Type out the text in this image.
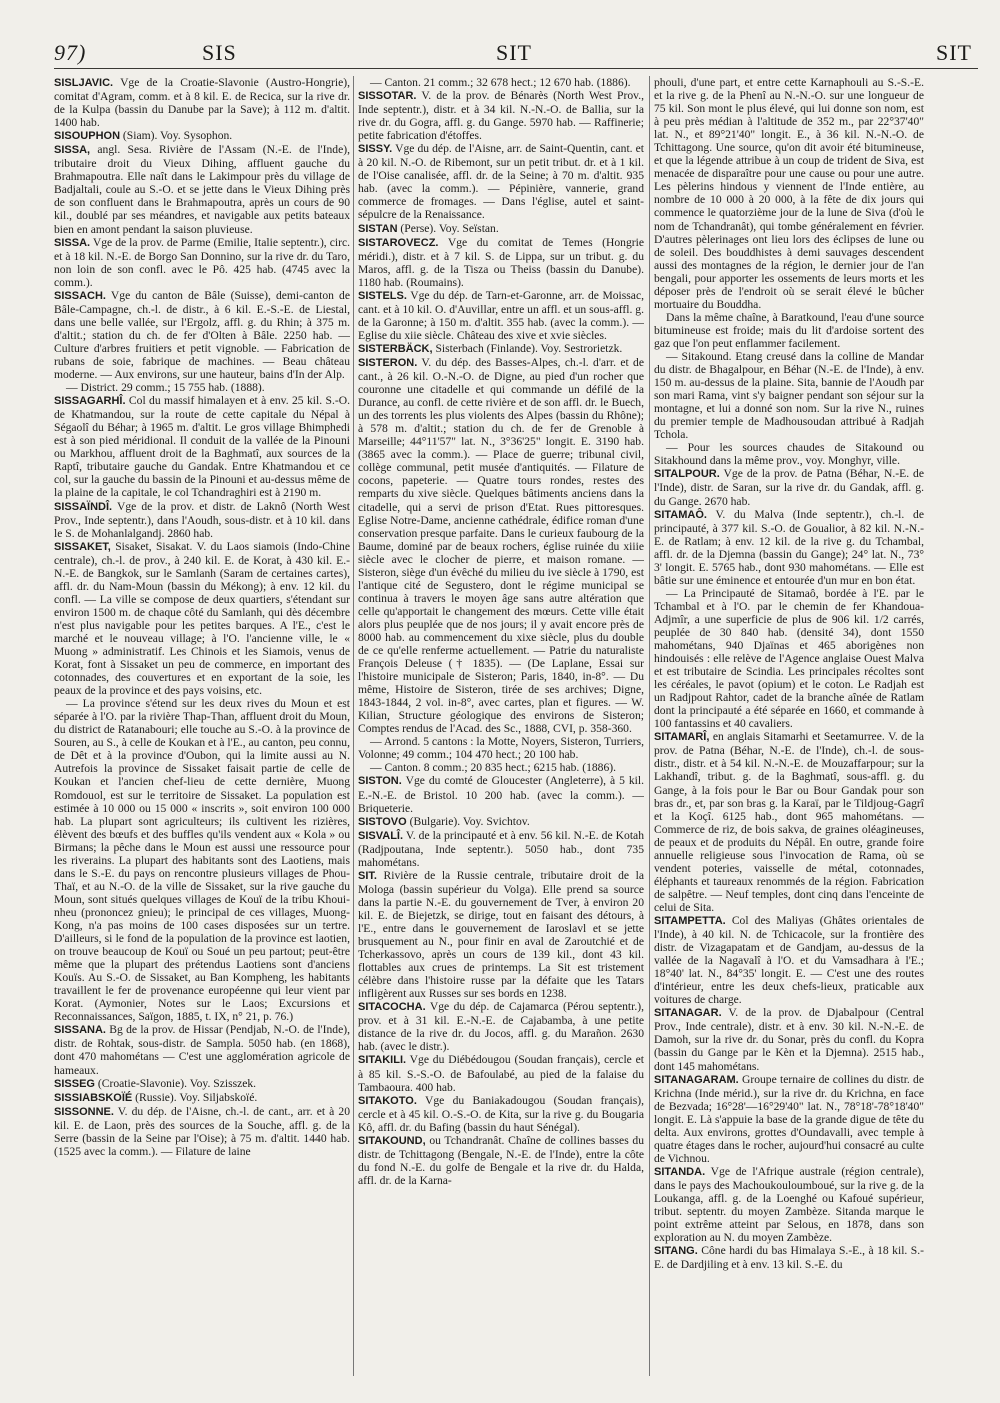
97)	SIS	SIT	SIT

SISLJAVIC. Vge de la Croatie-Slavonie (Austro-Hongrie), comitat d'Agram, comm. et à 8 kil. E. de Recica, sur la rive dr. de la Kulpa (bassin du Danube par la Save); à 112 m. d'altit. 1400 hab.

SISOUPHON (Siam). Voy. Sysophon.

SISSA, angl. Sesa. Rivière de l'Assam (N.-E. de l'Inde), tributaire droit du Vieux Dihing, affluent gauche du Brahmapoutra. Elle naît dans le Lakimpour près du village de Badjaltali, coule au S.-O. et se jette dans le Vieux Dihing près de son confluent dans le Brahmapoutra, après un cours de 90 kil., doublé par ses méandres, et navigable aux petits bateaux bien en amont pendant la saison pluvieuse.

SISSA. Vge de la prov. de Parme (Emilie, Italie septentr.), circ. et à 18 kil. N.-E. de Borgo San Donnino, sur la rive dr. du Taro, non loin de son confl. avec le Pô. 425 hab. (4745 avec la comm.).

SISSACH. Vge du canton de Bâle (Suisse), demi-canton de Bâle-Campagne, ch.-l. de distr., à 6 kil. E.-S.-E. de Liestal, dans une belle vallée, sur l'Ergolz, affl. g. du Rhin; à 375 m. d'altit.; station du ch. de fer d'Olten à Bâle. 2250 hab. — Culture d'arbres fruitiers et petit vignoble. — Fabrication de rubans de soie, fabrique de machines. — Beau château moderne. — Aux environs, sur une hauteur, bains d'In der Alp.

— District. 29 comm.; 15 755 hab. (1888).

SISSAGARHÎ. Col du massif himalayen et à env. 25 kil. S.-O. de Khatmandou, sur la route de cette capitale du Népal à Ségaolî du Béhar; à 1965 m. d'altit. Le gros village Bhimphedi est à son pied méridional. Il conduit de la vallée de la Pinouni ou Markhou, affluent droit de la Baghmatî, aux sources de la Raptî, tributaire gauche du Gandak. Entre Khatmandou et ce col, sur la gauche du bassin de la Pinouni et au-dessus même de la plaine de la capitale, le col Tchandraghiri est à 2190 m.

SISSAÏNDÎ. Vge de la prov. et distr. de Laknô (North West Prov., Inde septentr.), dans l'Aoudh, sous-distr. et à 10 kil. dans le S. de Mohanlalgandj. 2860 hab.

SISSAKET, Sisaket, Sisakat. V. du Laos siamois (Indo-Chine centrale), ch.-l. de prov., à 240 kil. E. de Korat, à 430 kil. E.-N.-E. de Bangkok, sur le Samlanh (Saram de certaines cartes), affl. dr. du Nam-Moun (bassin du Mékong); à env. 12 kil. du confl. — La ville se compose de deux quartiers, s'étendant sur environ 1500 m. de chaque côté du Samlanh, qui dès décembre n'est plus navigable pour les petites barques. A l'E., c'est le marché et le nouveau village; à l'O. l'ancienne ville, le « Muong » administratif. Les Chinois et les Siamois, venus de Korat, font à Sissaket un peu de commerce, en important des cotonnades, des couvertures et en exportant de la soie, les peaux de la province et des pays voisins, etc.

— La province s'étend sur les deux rives du Moun et est séparée à l'O. par la rivière Thap-Than, affluent droit du Moun, du district de Ratanabouri; elle touche au S.-O. à la province de Souren, au S., à celle de Koukan et à l'E., au canton, peu connu, de Dêt et à la province d'Oubon, qui la limite aussi au N. Autrefois la province de Sissaket faisait partie de celle de Koukan et l'ancien chef-lieu de cette dernière, Muong Romdouol, est sur le territoire de Sissaket. La population est estimée à 10 000 ou 15 000 « inscrits », soit environ 100 000 hab. La plupart sont agriculteurs; ils cultivent les rizières, élèvent des bœufs et des buffles qu'ils vendent aux « Kola » ou Birmans; la pêche dans le Moun est aussi une ressource pour les riverains. La plupart des habitants sont des Laotiens, mais dans le S.-E. du pays on rencontre plusieurs villages de Phou-Thaï, et au N.-O. de la ville de Sissaket, sur la rive gauche du Moun, sont situés quelques villages de Kouï de la tribu Khoui-nheu (prononcez gnieu); le principal de ces villages, Muong-Kong, n'a pas moins de 100 cases disposées sur un tertre. D'ailleurs, si le fond de la population de la province est laotien, on trouve beaucoup de Kouï ou Soué un peu partout; peut-être même que la plupart des prétendus Laotiens sont d'anciens Kouïs. Au S.-O. de Sissaket, au Ban Kompheng, les habitants travaillent le fer de provenance européenne qui leur vient par Korat. (Aymonier, Notes sur le Laos; Excursions et Reconnaissances, Saïgon, 1885, t. IX, n° 21, p. 76.)

SISSANA. Bg de la prov. de Hissar (Pendjab, N.-O. de l'Inde), distr. de Rohtak, sous-distr. de Sampla. 5050 hab. (en 1868), dont 470 mahométans — C'est une agglomération agricole de hameaux.

SISSEG (Croatie-Slavonie). Voy. Szisszek.

SISSIABSKOÏÉ (Russie). Voy. Siljabskoïé.

SISSONNE. V. du dép. de l'Aisne, ch.-l. de cant., arr. et à 20 kil. E. de Laon, près des sources de la Souche, affl. g. de la Serre (bassin de la Seine par l'Oise); à 75 m. d'altit. 1440 hab. (1525 avec la comm.). — Filature de laine

— Canton. 21 comm.; 32 678 hect.; 12 670 hab. (1886).

SISSOTAR. V. de la prov. de Bénarès (North West Prov., Inde septentr.), distr. et à 34 kil. N.-N.-O. de Ballia, sur la rive dr. du Gogra, affl. g. du Gange. 5970 hab. — Raffinerie; petite fabrication d'étoffes.

SISSY. Vge du dép. de l'Aisne, arr. de Saint-Quentin, cant. et à 20 kil. N.-O. de Ribemont, sur un petit tribut. dr. et à 1 kil. de l'Oise canalisée, affl. dr. de la Seine; à 70 m. d'altit. 935 hab. (avec la comm.). — Pépinière, vannerie, grand commerce de fromages. — Dans l'église, autel et saint-sépulcre de la Renaissance.

SISTAN (Perse). Voy. Seïstan.

SISTAROVECZ. Vge du comitat de Temes (Hongrie méridi.), distr. et à 7 kil. S. de Lippa, sur un tribut. g. du Maros, affl. g. de la Tisza ou Theiss (bassin du Danube). 1180 hab. (Roumains).

SISTELS. Vge du dép. de Tarn-et-Garonne, arr. de Moissac, cant. et à 10 kil. O. d'Auvillar, entre un affl. et un sous-affl. g. de la Garonne; à 150 m. d'altit. 355 hab. (avec la comm.). — Eglise du xiie siècle. Château des xive et xvie siècles.

SISTERBÄCK, Sisterbach (Finlande). Voy. Sestrorietzk.

SISTERON. V. du dép. des Basses-Alpes, ch.-l. d'arr. et de cant., à 26 kil. O.-N.-O. de Digne, au pied d'un rocher que couronne une citadelle et qui commande un défilé de la Durance, au confl. de cette rivière et de son affl. dr. le Buech, un des torrents les plus violents des Alpes (bassin du Rhône); à 578 m. d'altit.; station du ch. de fer de Grenoble à Marseille; 44°11'57" lat. N., 3°36'25" longit. E. 3190 hab. (3865 avec la comm.). — Place de guerre; tribunal civil, collège communal, petit musée d'antiquités. — Filature de cocons, papeterie. — Quatre tours rondes, restes des remparts du xive siècle. Quelques bâtiments anciens dans la citadelle, qui a servi de prison d'Etat. Rues pittoresques. Eglise Notre-Dame, ancienne cathédrale, édifice roman d'une conservation presque parfaite. Dans le curieux faubourg de la Baume, dominé par de beaux rochers, église ruinée du xiiie siècle avec le clocher de pierre, et maison romane. — Sisteron, siège d'un évêché du milieu du ive siècle à 1790, est l'antique cité de Segustero, dont le régime municipal se continua à travers le moyen âge sans autre altération que celle qu'apportait le changement des mœurs. Cette ville était alors plus peuplée que de nos jours; il y avait encore près de 8000 hab. au commencement du xixe siècle, plus du double de ce qu'elle renferme actuellement. — Patrie du naturaliste François Deleuse († 1835). — (De Laplane, Essai sur l'histoire municipale de Sisteron; Paris, 1840, in-8°. — Du même, Histoire de Sisteron, tirée de ses archives; Digne, 1843-1844, 2 vol. in-8°, avec cartes, plan et figures. — W. Kilian, Structure géologique des environs de Sisteron; Comptes rendus de l'Acad. des Sc., 1888, CVI, p. 358-360.

— Arrond. 5 cantons : la Motte, Noyers, Sisteron, Turriers, Volonne; 49 comm.; 104 470 hect.; 20 100 hab.

— Canton. 8 comm.; 20 835 hect.; 6215 hab. (1886).

SISTON. Vge du comté de Gloucester (Angleterre), à 5 kil. E.-N.-E. de Bristol. 10 200 hab. (avec la comm.). — Briqueterie.

SISTOVO (Bulgarie). Voy. Svichtov.

SISVALÎ. V. de la principauté et à env. 56 kil. N.-E. de Kotah (Radjpoutana, Inde septentr.). 5050 hab., dont 735 mahométans.

SIT. Rivière de la Russie centrale, tributaire droit de la Mologa (bassin supérieur du Volga). Elle prend sa source dans la partie N.-E. du gouvernement de Tver, à environ 20 kil. E. de Biejetzk, se dirige, tout en faisant des détours, à l'E., entre dans le gouvernement de Iaroslavl et se jette brusquement au N., pour finir en aval de Zaroutchié et de Tcherkassovo, après un cours de 139 kil., dont 43 kil. flottables aux crues de printemps. La Sit est tristement célèbre dans l'histoire russe par la défaite que les Tatars infligèrent aux Russes sur ses bords en 1238.

SITACOCHA. Vge du dép. de Cajamarca (Pérou septentr.), prov. et à 31 kil. E.-N.-E. de Cajabamba, à une petite distance de la rive dr. du Jocos, affl. g. du Marañon. 2630 hab. (avec le distr.).

SITAKILI. Vge du Diébédougou (Soudan français), cercle et à 85 kil. S.-S.-O. de Bafoulabé, au pied de la falaise du Tambaoura. 400 hab.

SITAKOTO. Vge du Baniakadougou (Soudan français), cercle et à 45 kil. O.-S.-O. de Kita, sur la rive g. du Bougaria Kô, affl. dr. du Bafing (bassin du haut Sénégal).

SITAKOUND, ou Tchandranât. Chaîne de collines basses du distr. de Tchittagong (Bengale, N.-E. de l'Inde), entre la côte du fond N.-E. du golfe de Bengale et la rive dr. du Halda, affl. dr. de la Karna-

phouli, d'une part, et entre cette Karnaphouli au S.-S.-E. et la rive g. de la Phenî au N.-N.-O. sur une longueur de 75 kil. Son mont le plus élevé, qui lui donne son nom, est à peu près médian à l'altitude de 352 m., par 22°37'40" lat. N., et 89°21'40" longit. E., à 36 kil. N.-N.-O. de Tchittagong. Une source, qu'on dit avoir été bitumineuse, et que la légende attribue à un coup de trident de Siva, est menacée de disparaître pour une cause ou pour une autre. Les pèlerins hindous y viennent de l'Inde entière, au nombre de 10 000 à 20 000, à la fête de dix jours qui commence le quatorzième jour de la lune de Siva (d'où le nom de Tchandranât), qui tombe généralement en février. D'autres pèlerinages ont lieu lors des éclipses de lune ou de soleil. Des bouddhistes à demi sauvages descendent aussi des montagnes de la région, le dernier jour de l'an bengali, pour apporter les ossements de leurs morts et les déposer près de l'endroit où se serait élevé le bûcher mortuaire du Bouddha.

Dans la même chaîne, à Baratkound, l'eau d'une source bitumineuse est froide; mais du lit d'ardoise sortent des gaz que l'on peut enflammer facilement.

— Sitakound. Etang creusé dans la colline de Mandar du distr. de Bhagalpour, en Béhar (N.-E. de l'Inde), à env. 150 m. au-dessus de la plaine. Sita, bannie de l'Aoudh par son mari Rama, vint s'y baigner pendant son séjour sur la montagne, et lui a donné son nom. Sur la rive N., ruines du premier temple de Madhousoudan attribué à Radjah Tchola.

— Pour les sources chaudes de Sitakound ou Sitakhound dans la même prov., voy. Monghyr, ville.

SITALPOUR. Vge de la prov. de Patna (Béhar, N.-E. de l'Inde), distr. de Saran, sur la rive dr. du Gandak, affl. g. du Gange. 2670 hab.

SITAMAÔ. V. du Malva (Inde septentr.), ch.-l. de principauté, à 377 kil. S.-O. de Goualior, à 82 kil. N.-N.-E. de Ratlam; à env. 12 kil. de la rive g. du Tchambal, affl. dr. de la Djemna (bassin du Gange); 24° lat. N., 73° 3' longit. E. 5765 hab., dont 930 mahométans. — Elle est bâtie sur une éminence et entourée d'un mur en bon état.

— La Principauté de Sitamaô, bordée à l'E. par le Tchambal et à l'O. par le chemin de fer Khandoua-Adjmîr, a une superficie de plus de 906 kil. 1/2 carrés, peuplée de 30 840 hab. (densité 34), dont 1550 mahométans, 940 Djaïnas et 465 aborigènes non hindouisés : elle relève de l'Agence anglaise Ouest Malva et est tributaire de Scindia. Les principales récoltes sont les céréales, le pavot (opium) et le coton. Le Radjah est un Radjpout Rahtor, cadet de la branche aînée de Ratlam dont la principauté a été séparée en 1660, et commande à 100 fantassins et 40 cavaliers.

SITAMARÎ, en anglais Sitamarhi et Seetamurree. V. de la prov. de Patna (Béhar, N.-E. de l'Inde), ch.-l. de sous-distr., distr. et à 54 kil. N.-N.-E. de Mouzaffarpour; sur la Lakhandî, tribut. g. de la Baghmatî, sous-affl. g. du Gange, à la fois pour le Bar ou Bour Gandak pour son bras dr., et, par son bras g. la Karaï, par le Tildjoug-Gagrî et la Koçî. 6125 hab., dont 965 mahométans. — Commerce de riz, de bois sakva, de graines oléagineuses, de peaux et de produits du Népâl. En outre, grande foire annuelle religieuse sous l'invocation de Rama, où se vendent poteries, vaisselle de métal, cotonnades, éléphants et taureaux renommés de la région. Fabrication de salpêtre. — Neuf temples, dont cinq dans l'enceinte de celui de Sita.

SITAMPETTA. Col des Maliyas (Ghâtes orientales de l'Inde), à 40 kil. N. de Tchicacole, sur la frontière des distr. de Vizagapatam et de Gandjam, au-dessus de la vallée de la Nagavalî à l'O. et du Vamsadhara à l'E.; 18°40' lat. N., 84°35' longit. E. — C'est une des routes d'intérieur, entre les deux chefs-lieux, praticable aux voitures de charge.

SITANAGAR. V. de la prov. de Djabalpour (Central Prov., Inde centrale), distr. et à env. 30 kil. N.-N.-E. de Damoh, sur la rive dr. du Sonar, près du confl. du Kopra (bassin du Gange par le Kèn et la Djemna). 2515 hab., dont 145 mahométans.

SITANAGARAM. Groupe ternaire de collines du distr. de Krichna (Inde mérid.), sur la rive dr. du Krichna, en face de Bezvada; 16°28'—16°29'40" lat. N., 78°18'-78°18'40" longit. E. Là s'appuie la base de la grande digue de tête du delta. Aux environs, grottes d'Oundavalli, avec temple à quatre étages dans le rocher, aujourd'hui consacré au culte de Vichnou.

SITANDA. Vge de l'Afrique australe (région centrale), dans le pays des Machoukouloumboué, sur la rive g. de la Loukanga, affl. g. de la Loenghé ou Kafoué supérieur, tribut. septentr. du moyen Zambèze. Sitanda marque le point extrême atteint par Selous, en 1878, dans son exploration au N. du moyen Zambèze.

SITANG. Cône hardi du bas Himalaya S.-E., à 18 kil. S.-E. de Dardjiling et à env. 13 kil. S.-E. du
